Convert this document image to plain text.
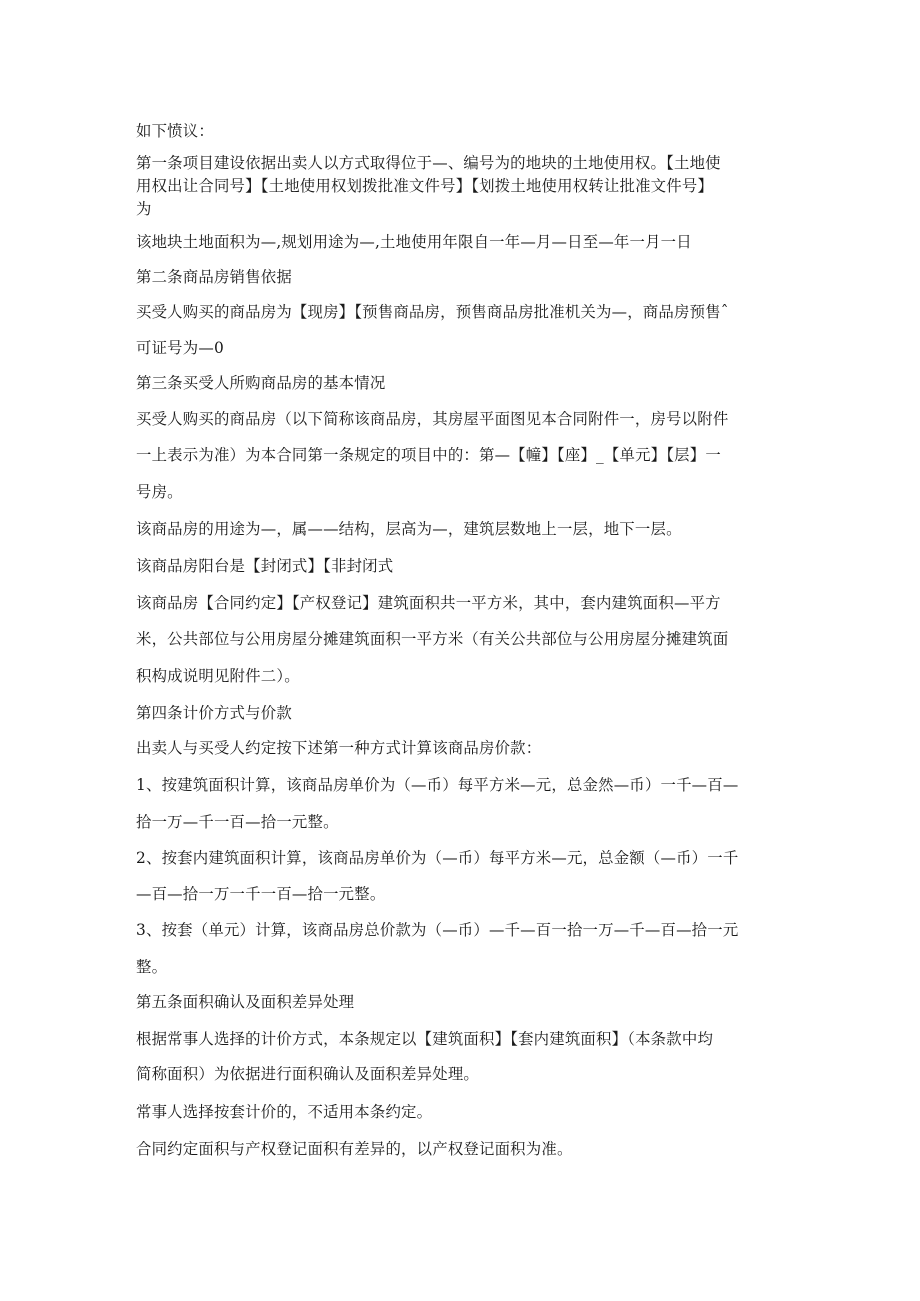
如下愤议：
第一条项目建设依据出卖人以方式取得位于—、编号为的地块的土地使用权。【土地使
用权出让合同号】【土地使用权划拨批准文件号】【划拨土地使用权转让批准文件号】
为
该地块土地面积为—,规划用途为—,土地使用年限自一年—月—日至—年一月一日
第二条商品房销售依据
买受人购买的商品房为【现房】【预售商品房，预售商品房批准机关为—，商品房预售ˆ
可证号为—0
第三条买受人所购商品房的基本情况
买受人购买的商品房（以下简称该商品房，其房屋平面图见本合同附件一，房号以附件
一上表示为准）为本合同第一条规定的项目中的：第—【幢】【座】_【单元】【层】一
号房。
该商品房的用途为—，属——结构，层高为—，建筑层数地上一层，地下一层。
该商品房阳台是【封闭式】【非封闭式
该商品房【合同约定】【产权登记】建筑面积共一平方米，其中，套内建筑面积—平方
米，公共部位与公用房屋分摊建筑面积一平方米（有关公共部位与公用房屋分摊建筑面
积构成说明见附件二）。
第四条计价方式与价款
出卖人与买受人约定按下述第一种方式计算该商品房价款：
1、按建筑面积计算，该商品房单价为（—币）每平方米—元，总金然—币）一千—百—
拾一万—千一百—拾一元整。
2、按套内建筑面积计算，该商品房单价为（—币）每平方米—元，总金额（—币）一千
—百—拾一万一千一百—拾一元整。
3、按套（单元）计算，该商品房总价款为（—币）—千—百一拾一万—千—百—拾一元
整。
第五条面积确认及面积差异处理
根据常事人选择的计价方式，本条规定以【建筑面积】【套内建筑面积】（本条款中均
简称面积）为依据进行面积确认及面积差异处理。
常事人选择按套计价的，不适用本条约定。
合同约定面积与产权登记面积有差异的，以产权登记面积为准。
